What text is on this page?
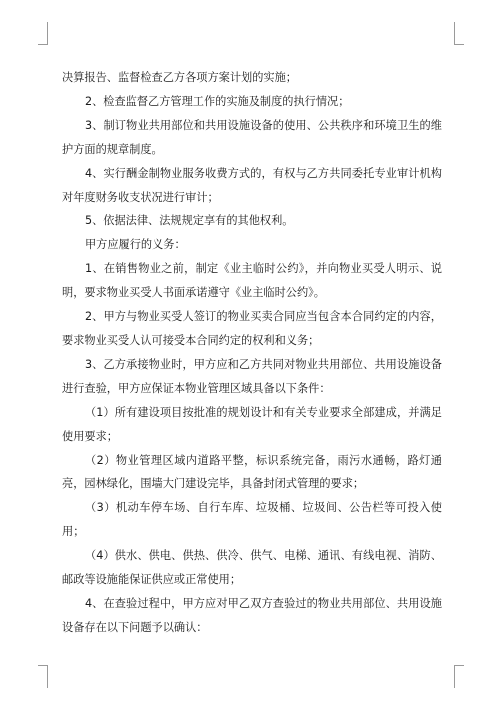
决算报告、监督检查乙方各项方案计划的实施；

2、检查监督乙方管理工作的实施及制度的执行情况；

3、制订物业共用部位和共用设施设备的使用、公共秩序和环境卫生的维护方面的规章制度。

4、实行酬金制物业服务收费方式的，有权与乙方共同委托专业审计机构对年度财务收支状况进行审计；

5、依据法律、法规规定享有的其他权利。

甲方应履行的义务：

1、在销售物业之前，制定《业主临时公约》，并向物业买受人明示、说明，要求物业买受人书面承诺遵守《业主临时公约》。

2、甲方与物业买受人签订的物业买卖合同应当包含本合同约定的内容，要求物业买受人认可接受本合同约定的权利和义务；

3、乙方承接物业时，甲方应和乙方共同对物业共用部位、共用设施设备进行查验，甲方应保证本物业管理区域具备以下条件：

（1）所有建设项目按批准的规划设计和有关专业要求全部建成，并满足使用要求；

（2）物业管理区域内道路平整，标识系统完备，雨污水通畅，路灯通亮，园林绿化，围墙大门建设完毕，具备封闭式管理的要求；

（3）机动车停车场、自行车库、垃圾桶、垃圾间、公告栏等可投入使用；

（4）供水、供电、供热、供冷、供气、电梯、通讯、有线电视、消防、邮政等设施能保证供应或正常使用；

4、在查验过程中，甲方应对甲乙双方查验过的物业共用部位、共用设施设备存在以下问题予以确认：
